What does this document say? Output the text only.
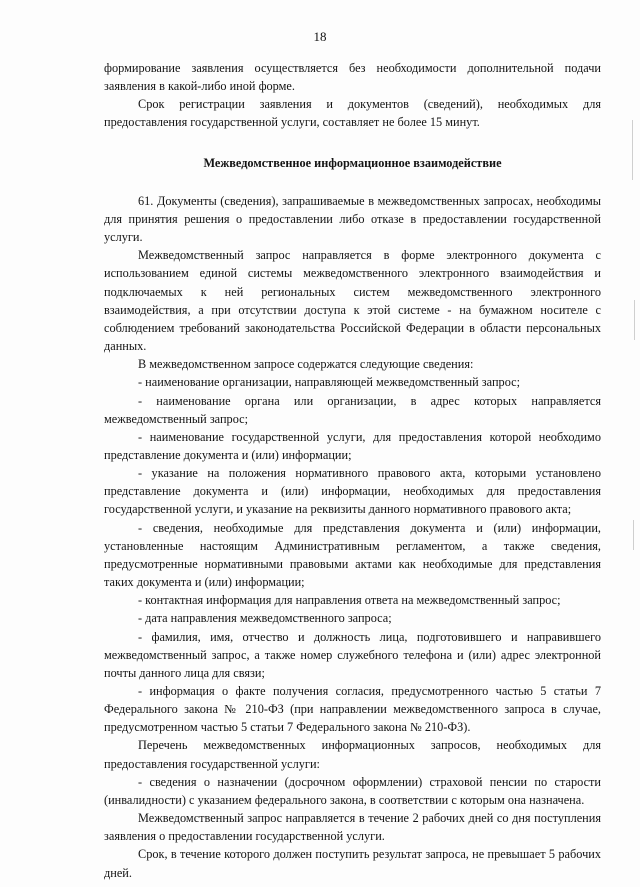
18

формирование заявления осуществляется без необходимости дополнительной подачи заявления в какой-либо иной форме.

Срок регистрации заявления и документов (сведений), необходимых для предоставления государственной услуги, составляет не более 15 минут.

Межведомственное информационное взаимодействие

61. Документы (сведения), запрашиваемые в межведомственных запросах, необходимы для принятия решения о предоставлении либо отказе в предоставлении государственной услуги.

Межведомственный запрос направляется в форме электронного документа с использованием единой системы межведомственного электронного взаимодействия и подключаемых к ней региональных систем межведомственного электронного взаимодействия, а при отсутствии доступа к этой системе - на бумажном носителе с соблюдением требований законодательства Российской Федерации в области персональных данных.

В межведомственном запросе содержатся следующие сведения:

- наименование организации, направляющей межведомственный запрос;

- наименование органа или организации, в адрес которых направляется межведомственный запрос;

- наименование государственной услуги, для предоставления которой необходимо представление документа и (или) информации;

- указание на положения нормативного правового акта, которыми установлено представление документа и (или) информации, необходимых для предоставления государственной услуги, и указание на реквизиты данного нормативного правового акта;

- сведения, необходимые для представления документа и (или) информации, установленные настоящим Административным регламентом, а также сведения, предусмотренные нормативными правовыми актами как необходимые для представления таких документа и (или) информации;

- контактная информация для направления ответа на межведомственный запрос;

- дата направления межведомственного запроса;

- фамилия, имя, отчество и должность лица, подготовившего и направившего межведомственный запрос, а также номер служебного телефона и (или) адрес электронной почты данного лица для связи;

- информация о факте получения согласия, предусмотренного частью 5 статьи 7 Федерального закона № 210-ФЗ (при направлении межведомственного запроса в случае, предусмотренном частью 5 статьи 7 Федерального закона № 210-ФЗ).

Перечень межведомственных информационных запросов, необходимых для предоставления государственной услуги:

- сведения о назначении (досрочном оформлении) страховой пенсии по старости (инвалидности) с указанием федерального закона, в соответствии с которым она назначена.

Межведомственный запрос направляется в течение 2 рабочих дней со дня поступления заявления о предоставлении государственной услуги.

Срок, в течение которого должен поступить результат запроса, не превышает 5 рабочих дней.
